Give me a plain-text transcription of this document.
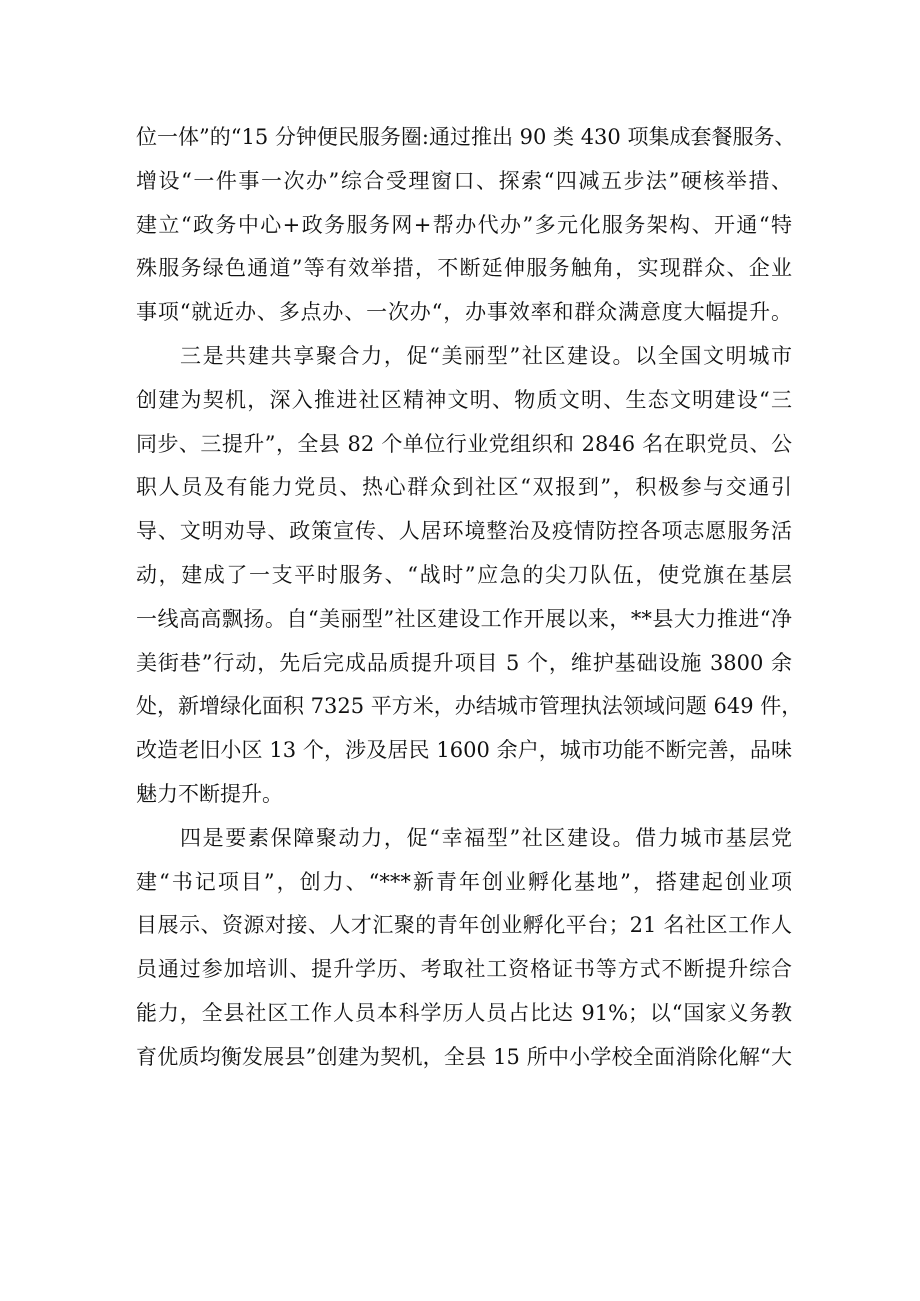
位一体”的“15 分钟便民服务圈:通过推出 90 类 430 项集成套餐服务、
增设“一件事一次办”综合受理窗口、探索“四减五步法”硬核举措、
建立“政务中心+政务服务网+帮办代办”多元化服务架构、开通“特
殊服务绿色通道”等有效举措，不断延伸服务触角，实现群众、企业
事项“就近办、多点办、一次办“，办事效率和群众满意度大幅提升。
三是共建共享聚合力，促“美丽型”社区建设。以全国文明城市
创建为契机，深入推进社区精神文明、物质文明、生态文明建设“三
同步、三提升”，全县 82 个单位行业党组织和 2846 名在职党员、公
职人员及有能力党员、热心群众到社区“双报到”，积极参与交通引
导、文明劝导、政策宣传、人居环境整治及疫情防控各项志愿服务活
动，建成了一支平时服务、“战时”应急的尖刀队伍，使党旗在基层
一线高高飘扬。自“美丽型”社区建设工作开展以来，**县大力推进“净
美街巷”行动，先后完成品质提升项目 5 个，维护基础设施 3800 余
处，新增绿化面积 7325 平方米，办结城市管理执法领域问题 649 件，
改造老旧小区 13 个，涉及居民 1600 余户，城市功能不断完善，品味
魅力不断提升。
四是要素保障聚动力，促“幸福型”社区建设。借力城市基层党
建“书记项目”，创力、“***新青年创业孵化基地”，搭建起创业项
目展示、资源对接、人才汇聚的青年创业孵化平台；21 名社区工作人
员通过参加培训、提升学历、考取社工资格证书等方式不断提升综合
能力，全县社区工作人员本科学历人员占比达 91%；以“国家义务教
育优质均衡发展县”创建为契机，全县 15 所中小学校全面消除化解“大
